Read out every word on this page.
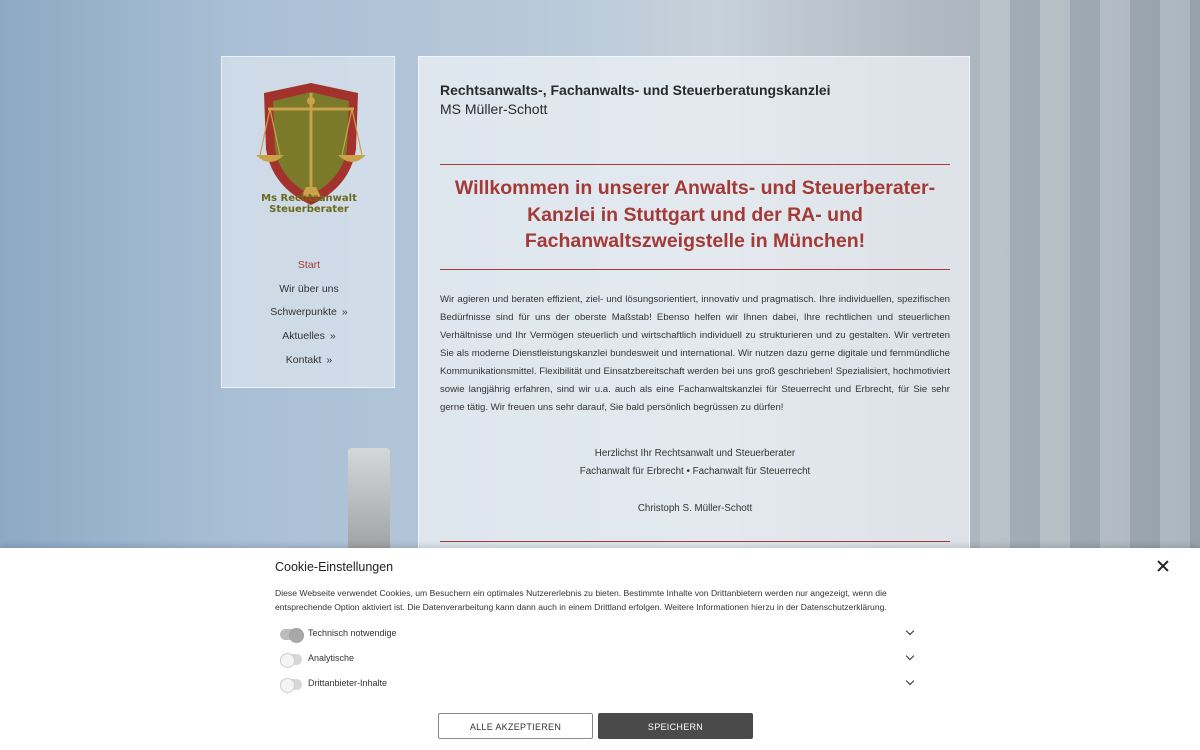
Ms Rechtsanwalt Steuerberater
Start
Wir über uns
Schwerpunkte »
Aktuelles »
Kontakt »
Rechtsanwalts-, Fachanwalts- und Steuerberatungskanzlei
MS Müller-Schott
Willkommen in unserer Anwalts- und Steuerberater-Kanzlei in Stuttgart und der RA- und Fachanwaltszweigstelle in München!

Wir agieren und beraten effizient, ziel- und lösungsorientiert, innovativ und pragmatisch. Ihre individuellen, spezifischen Bedürfnisse sind für uns der oberste Maßstab! Ebenso helfen wir Ihnen dabei, Ihre rechtlichen und steuerlichen Verhältnisse und Ihr Vermögen steuerlich und wirtschaftlich individuell zu strukturieren und zu gestalten. Wir vertreten Sie als moderne Dienstleistungskanzlei bundesweit und international. Wir nutzen dazu gerne digitale und fernmündliche Kommunikationsmittel. Flexibilität und Einsatzbereitschaft werden bei uns groß geschrieben! Spezialisiert, hochmotiviert sowie langjährig erfahren, sind wir u.a. auch als eine Fachanwaltskanzlei für Steuerrecht und Erbrecht, für Sie sehr gerne tätig. Wir freuen uns sehr darauf, Sie bald persönlich begrüssen zu dürfen!

Herzlichst Ihr Rechtsanwalt und Steuerberater
Fachanwalt für Erbrecht • Fachanwalt für Steuerrecht
Christoph S. Müller-Schott
Cookie-Einstellungen

Diese Webseite verwendet Cookies, um Besuchern ein optimales Nutzererlebnis zu bieten. Bestimmte Inhalte von Drittanbietern werden nur angezeigt, wenn die entsprechende Option aktiviert ist. Die Datenverarbeitung kann dann auch in einem Drittland erfolgen. Weitere Informationen hierzu in der Datenschutzerklärung.

Technisch notwendige
Analytische
Drittanbieter-Inhalte
ALLE AKZEPTIEREN	SPEICHERN
